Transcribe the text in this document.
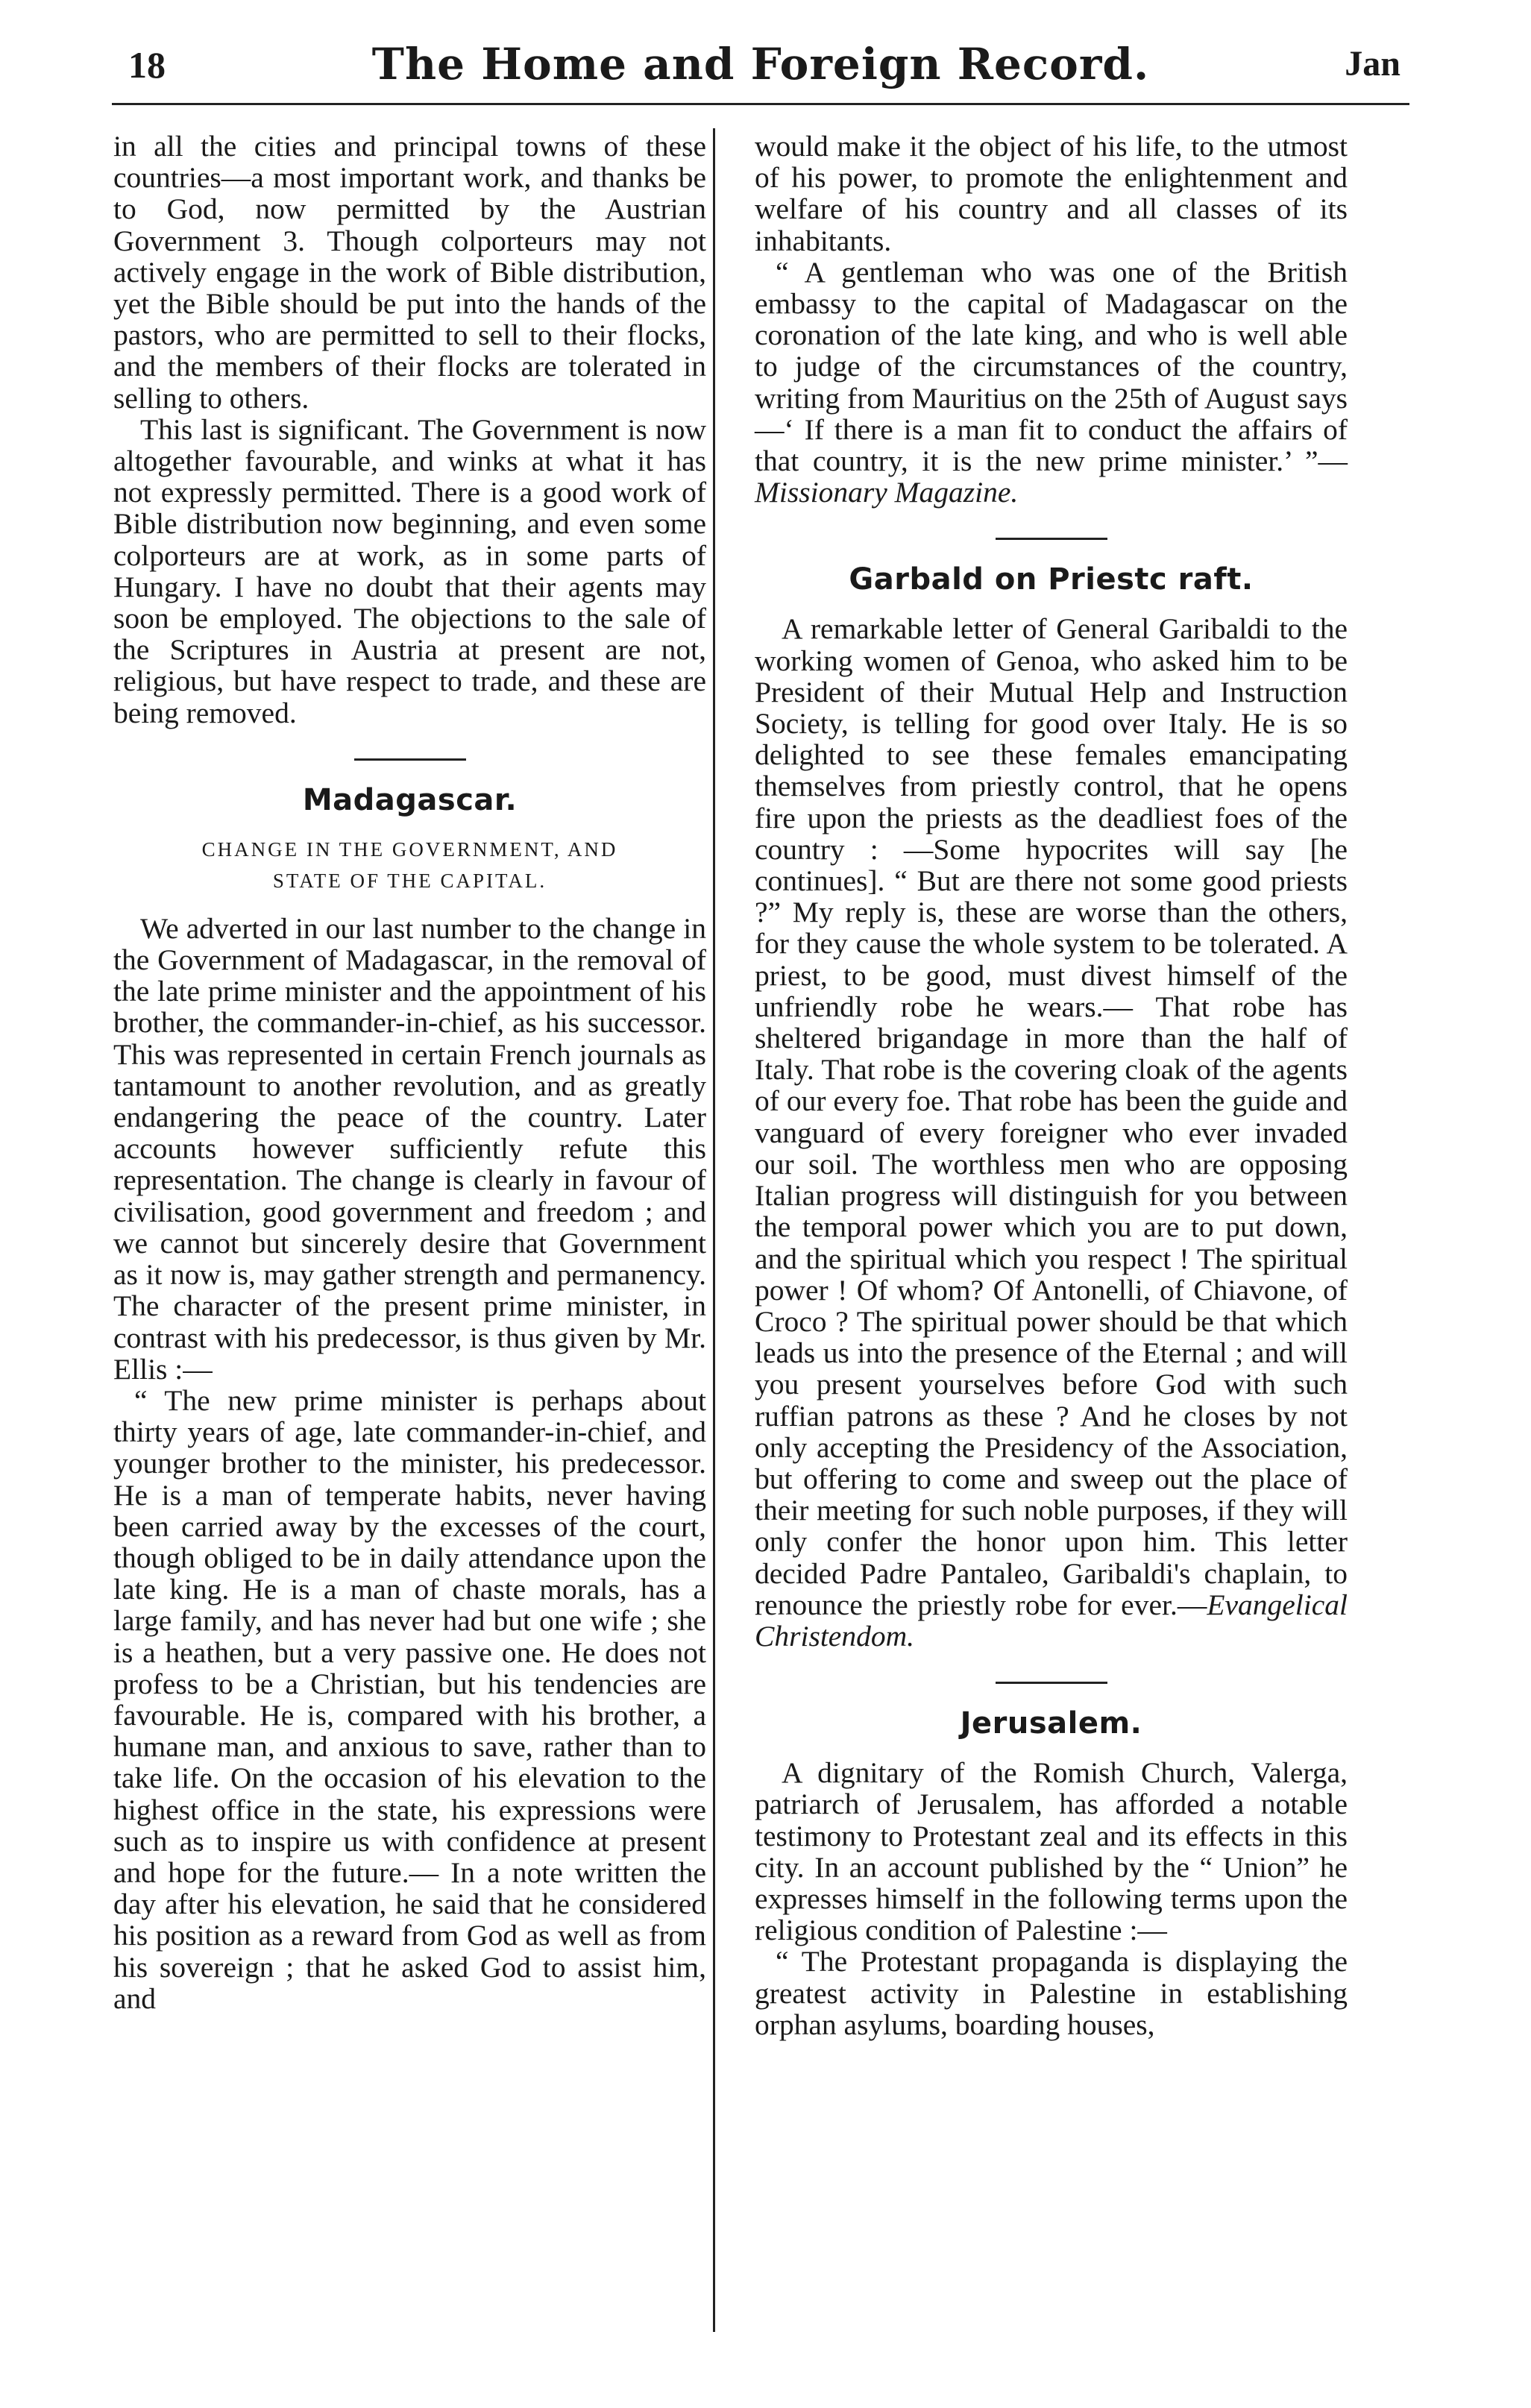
18	The Home and Foreign Record.	Jan

in all the cities and principal towns of these countries—a most important work, and thanks be to God, now permitted by the Austrian Government 3. Though colporteurs may not actively engage in the work of Bible distribution, yet the Bible should be put into the hands of the pastors, who are permitted to sell to their flocks, and the members of their flocks are tolerated in selling to others.

This last is significant. The Government is now altogether favourable, and winks at what it has not expressly permitted. There is a good work of Bible distribution now beginning, and even some colporteurs are at work, as in some parts of Hungary. I have no doubt that their agents may soon be employed. The objections to the sale of the Scriptures in Austria at present are not, religious, but have respect to trade, and these are being removed.

Madagascar.
CHANGE IN THE GOVERNMENT, AND
STATE OF THE CAPITAL.

We adverted in our last number to the change in the Government of Madagascar, in the removal of the late prime minister and the appointment of his brother, the commander-in-chief, as his successor. This was represented in certain French journals as tantamount to another revolution, and as greatly endangering the peace of the country. Later accounts however sufficiently refute this representation. The change is clearly in favour of civilisation, good government and freedom ; and we cannot but sincerely desire that Government as it now is, may gather strength and permanency. The character of the present prime minister, in contrast with his predecessor, is thus given by Mr. Ellis :—

“ The new prime minister is perhaps about thirty years of age, late commander-in-chief, and younger brother to the minister, his predecessor. He is a man of temperate habits, never having been carried away by the excesses of the court, though obliged to be in daily attendance upon the late king. He is a man of chaste morals, has a large family, and has never had but one wife ; she is a heathen, but a very passive one. He does not profess to be a Christian, but his tendencies are favourable. He is, compared with his brother, a humane man, and anxious to save, rather than to take life. On the occasion of his elevation to the highest office in the state, his expressions were such as to inspire us with confidence at present and hope for the future.— In a note written the day after his elevation, he said that he considered his position as a reward from God as well as from his sovereign ; that he asked God to assist him, and

would make it the object of his life, to the utmost of his power, to promote the enlightenment and welfare of his country and all classes of its inhabitants.

“ A gentleman who was one of the British embassy to the capital of Madagascar on the coronation of the late king, and who is well able to judge of the circumstances of the country, writing from Mauritius on the 25th of August says—‘ If there is a man fit to conduct the affairs of that country, it is the new prime minister.’ ”—Missionary Magazine.

Garbald on Priestc raft.

A remarkable letter of General Garibaldi to the working women of Genoa, who asked him to be President of their Mutual Help and Instruction Society, is telling for good over Italy. He is so delighted to see these females emancipating themselves from priestly control, that he opens fire upon the priests as the deadliest foes of the country : —Some hypocrites will say [he continues]. “ But are there not some good priests ?” My reply is, these are worse than the others, for they cause the whole system to be tolerated. A priest, to be good, must divest himself of the unfriendly robe he wears.— That robe has sheltered brigandage in more than the half of Italy. That robe is the covering cloak of the agents of our every foe. That robe has been the guide and vanguard of every foreigner who ever invaded our soil. The worthless men who are opposing Italian progress will distinguish for you between the temporal power which you are to put down, and the spiritual which you respect ! The spiritual power ! Of whom? Of Antonelli, of Chiavone, of Croco ? The spiritual power should be that which leads us into the presence of the Eternal ; and will you present yourselves before God with such ruffian patrons as these ? And he closes by not only accepting the Presidency of the Association, but offering to come and sweep out the place of their meeting for such noble purposes, if they will only confer the honor upon him. This letter decided Padre Pantaleo, Garibaldi's chaplain, to renounce the priestly robe for ever.—Evangelical Christendom.

Jerusalem.

A dignitary of the Romish Church, Valerga, patriarch of Jerusalem, has afforded a notable testimony to Protestant zeal and its effects in this city. In an account published by the “ Union” he expresses himself in the following terms upon the religious condition of Palestine :—

“ The Protestant propaganda is displaying the greatest activity in Palestine in establishing orphan asylums, boarding houses,
